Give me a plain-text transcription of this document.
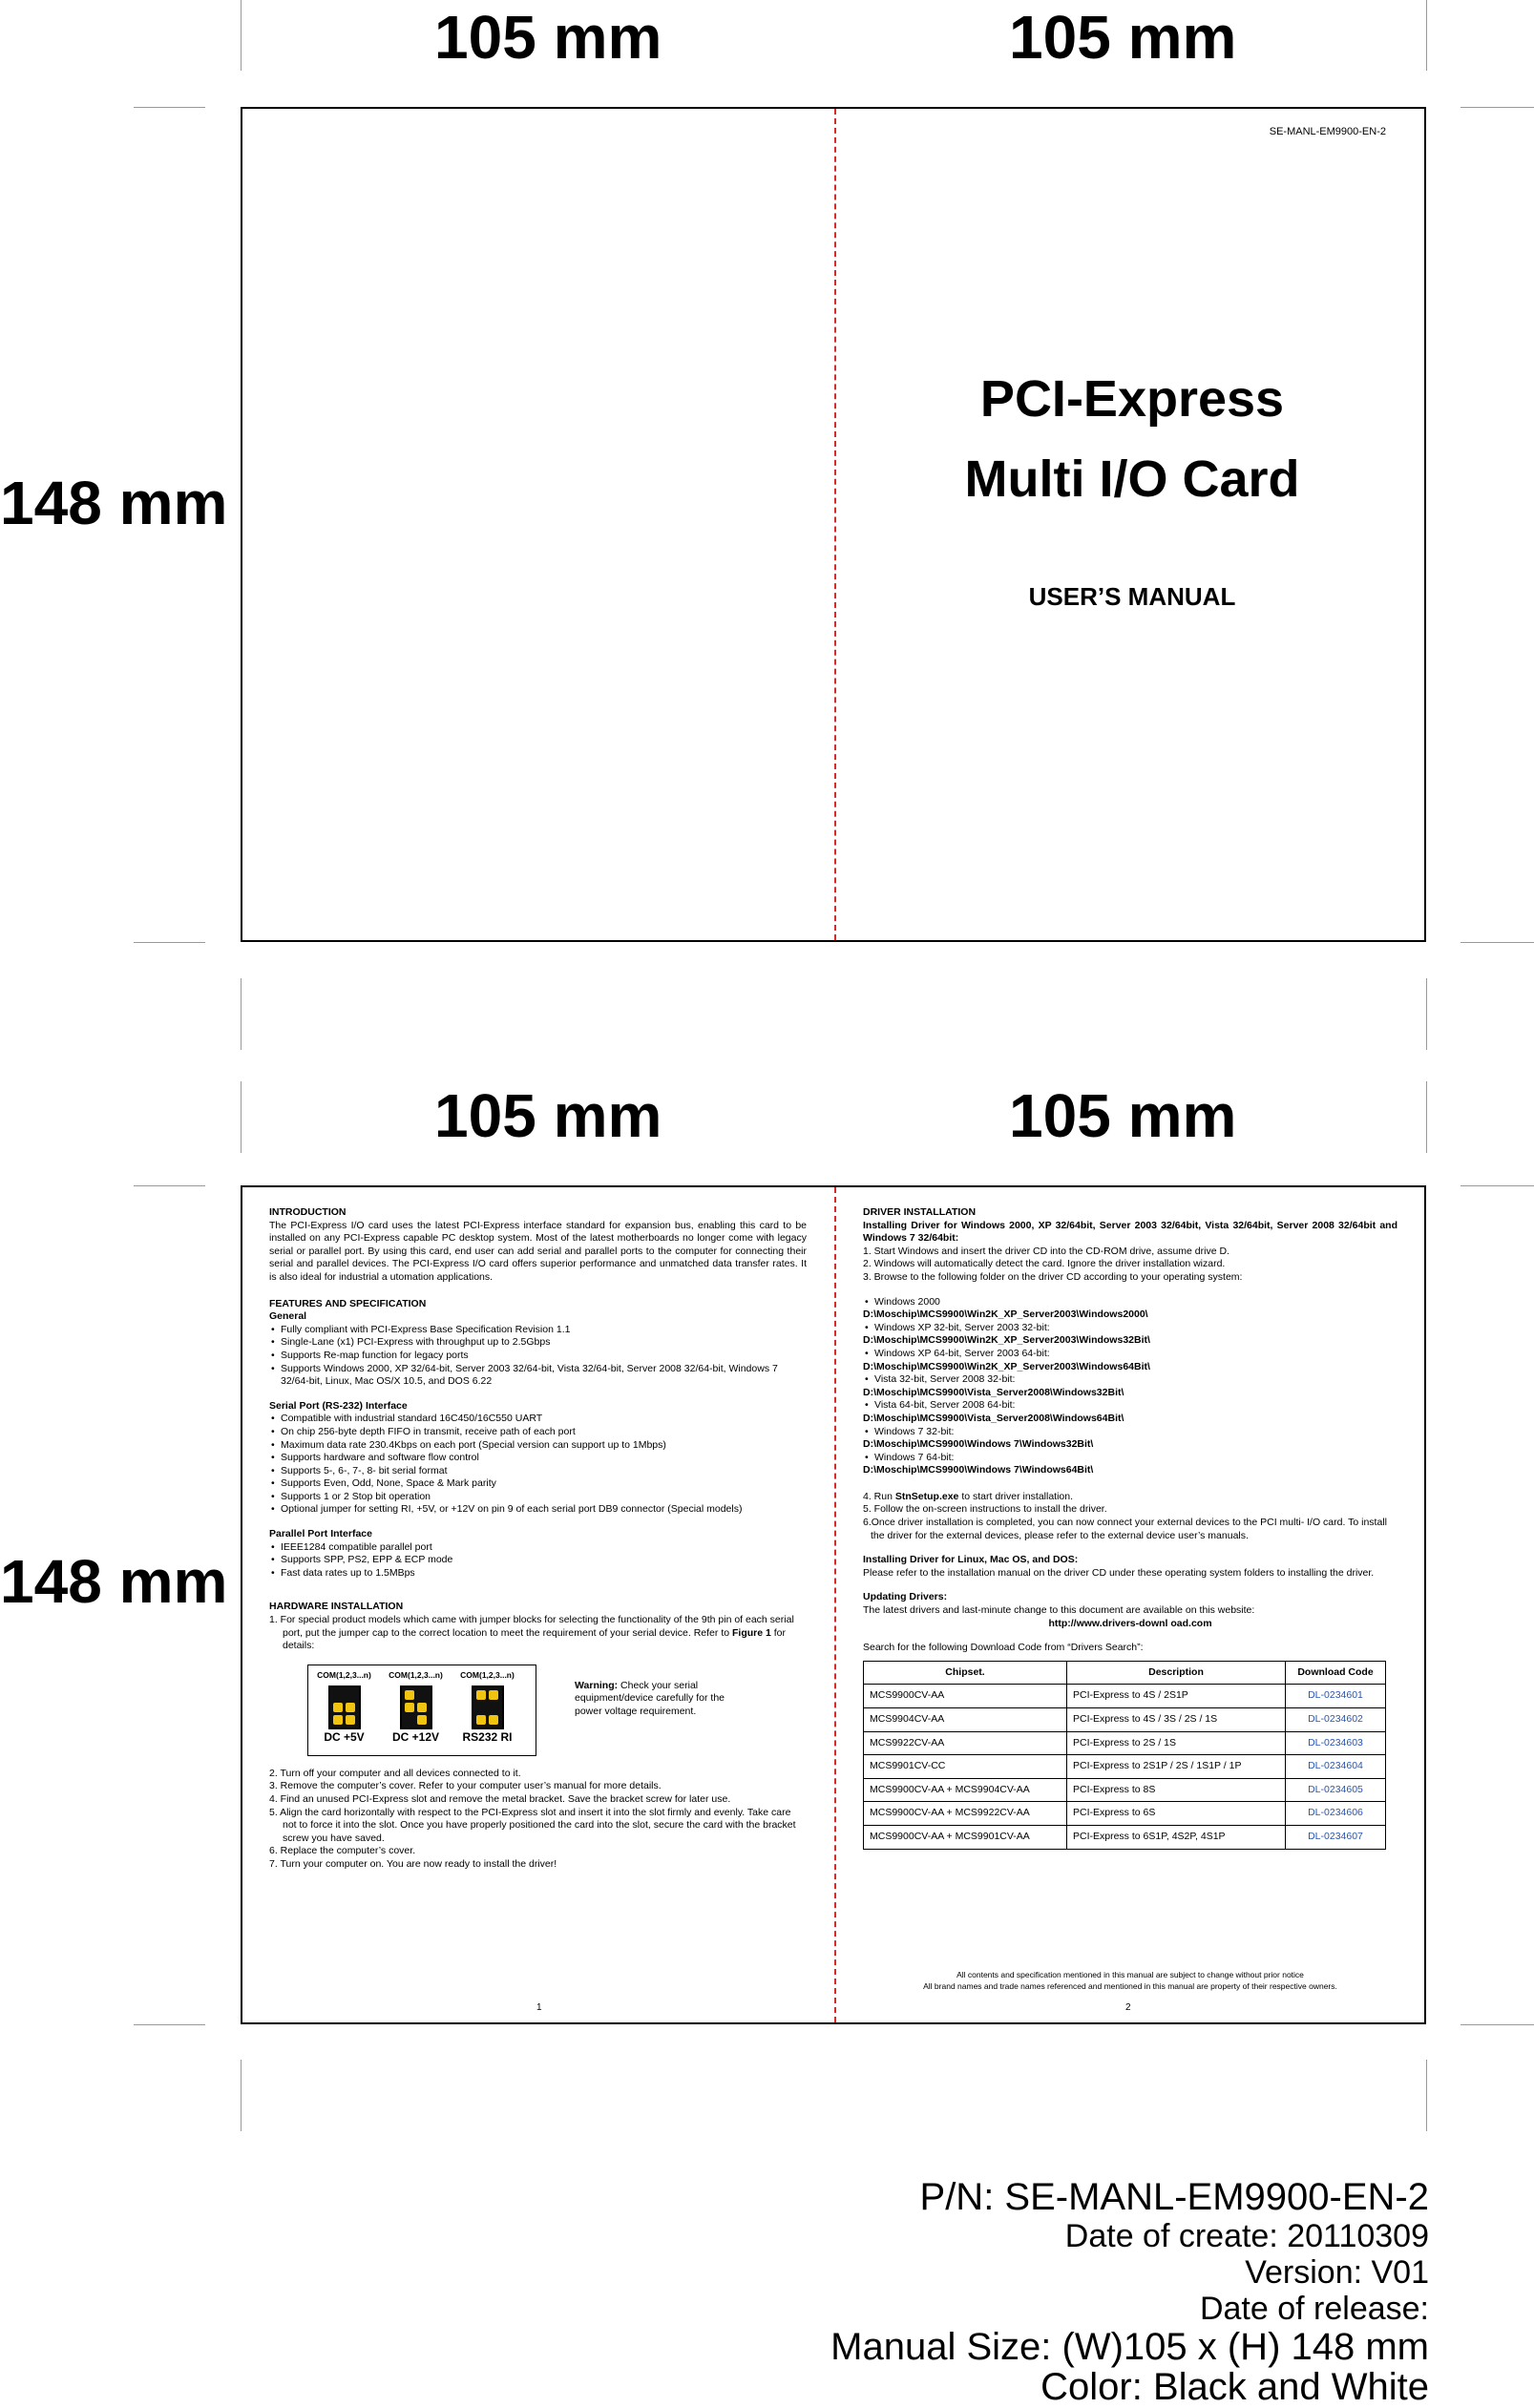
105 mm	105 mm
148 mm
105 mm	105 mm
148 mm
SE-MANL-EM9900-EN-2
PCI-Express
Multi I/O Card
USER’S MANUAL
INTRODUCTION

The PCI-Express I/O card uses the latest PCI-Express interface standard for expansion bus, enabling this card to be installed on any PCI-Express capable PC desktop system. Most of the latest motherboards no longer come with legacy serial or parallel port. By using this card, end user can add serial and parallel ports to the computer for connecting their serial and parallel devices. The PCI-Express I/O card offers superior performance and unmatched data transfer rates. It is also ideal for industrial a utomation applications.

FEATURES AND SPECIFICATION
General
• Fully compliant with PCI-Express Base Specification Revision 1.1
• Single-Lane (x1) PCI-Express with throughput up to 2.5Gbps
• Supports Re-map function for legacy ports
• Supports Windows 2000, XP 32/64-bit, Server 2003 32/64-bit, Vista 32/64-bit, Server 2008 32/64-bit, Windows 7 32/64-bit, Linux, Mac OS/X 10.5, and DOS 6.22
Serial Port (RS-232) Interface
• Compatible with industrial standard 16C450/16C550 UART
• On chip 256-byte depth FIFO in transmit, receive path of each port
• Maximum data rate 230.4Kbps on each port (Special version can support up to 1Mbps)
• Supports hardware and software flow control
• Supports 5-, 6-, 7-, 8- bit serial format
• Supports Even, Odd, None, Space & Mark parity
• Supports 1 or 2 Stop bit operation
• Optional jumper for setting RI, +5V, or +12V on pin 9 of each serial port DB9 connector (Special models)
Parallel Port Interface
• IEEE1284 compatible parallel port
• Supports SPP, PS2, EPP & ECP mode
• Fast data rates up to 1.5MBps
HARDWARE INSTALLATION
1. For special product models which came with jumper blocks for selecting the functionality of the 9th pin of each serial port, put the jumper cap to the correct location to meet the requirement of your serial device. Refer to Figure 1 for details:
COM(1,2,3...n)
DC +5V
COM(1,2,3...n)
DC +12V
COM(1,2,3...n)
RS232 RI
Warning: Check your serial equipment/device carefully for the power voltage requirement.
2. Turn off your computer and all devices connected to it.
3. Remove the computer’s cover. Refer to your computer user’s manual for more details.
4. Find an unused PCI-Express slot and remove the metal bracket. Save the bracket screw for later use.
5. Align the card horizontally with respect to the PCI-Express slot and insert it into the slot firmly and evenly. Take care not to force it into the slot. Once you have properly positioned the card into the slot, secure the card with the bracket screw you have saved.
6. Replace the computer’s cover.
7. Turn your computer on. You are now ready to install the driver!
1
DRIVER INSTALLATION

Installing Driver for Windows 2000, XP 32/64bit, Server 2003 32/64bit, Vista 32/64bit, Server 2008 32/64bit and Windows 7 32/64bit:

1. Start Windows and insert the driver CD into the CD-ROM drive, assume drive D.
2. Windows will automatically detect the card. Ignore the driver installation wizard.
3. Browse to the following folder on the driver CD according to your operating system:
• Windows 2000
D:\Moschip\MCS9900\Win2K_XP_Server2003\Windows2000\
• Windows XP 32-bit, Server 2003 32-bit:
D:\Moschip\MCS9900\Win2K_XP_Server2003\Windows32Bit\
• Windows XP 64-bit, Server 2003 64-bit:
D:\Moschip\MCS9900\Win2K_XP_Server2003\Windows64Bit\
• Vista 32-bit, Server 2008 32-bit:
D:\Moschip\MCS9900\Vista_Server2008\Windows32Bit\
• Vista 64-bit, Server 2008 64-bit:
D:\Moschip\MCS9900\Vista_Server2008\Windows64Bit\
• Windows 7 32-bit:
D:\Moschip\MCS9900\Windows 7\Windows32Bit\
• Windows 7 64-bit:
D:\Moschip\MCS9900\Windows 7\Windows64Bit\
4. Run StnSetup.exe to start driver installation.
5. Follow the on-screen instructions to install the driver.
6.Once driver installation is completed, you can now connect your external devices to the PCI multi- I/O card. To install the driver for the external devices, please refer to the external device user’s manuals.
Installing Driver for Linux, Mac OS, and DOS:

Please refer to the installation manual on the driver CD under these operating system folders to installing the driver.

Updating Drivers:
The latest drivers and last-minute change to this document are available on this website:
http://www.drivers-downl oad.com
Search for the following Download Code from “Drivers Search”:
Chipset.	Description	Download Code
MCS9900CV-AA	PCI-Express to 4S / 2S1P	DL-0234601
MCS9904CV-AA	PCI-Express to 4S / 3S / 2S / 1S	DL-0234602
MCS9922CV-AA	PCI-Express to 2S / 1S	DL-0234603
MCS9901CV-CC	PCI-Express to 2S1P / 2S / 1S1P / 1P	DL-0234604
MCS9900CV-AA + MCS9904CV-AA	PCI-Express to 8S	DL-0234605
MCS9900CV-AA + MCS9922CV-AA	PCI-Express to 6S	DL-0234606
MCS9900CV-AA + MCS9901CV-AA	PCI-Express to 6S1P, 4S2P, 4S1P	DL-0234607
All contents and specification mentioned in this manual are subject to change without prior notice
All brand names and trade names referenced and mentioned in this manual are property of their respective owners.
2
P/N: SE-MANL-EM9900-EN-2
Date of create: 20110309
Version: V01
Date of release:
Manual Size: (W)105 x (H) 148 mm
Color: Black and White
